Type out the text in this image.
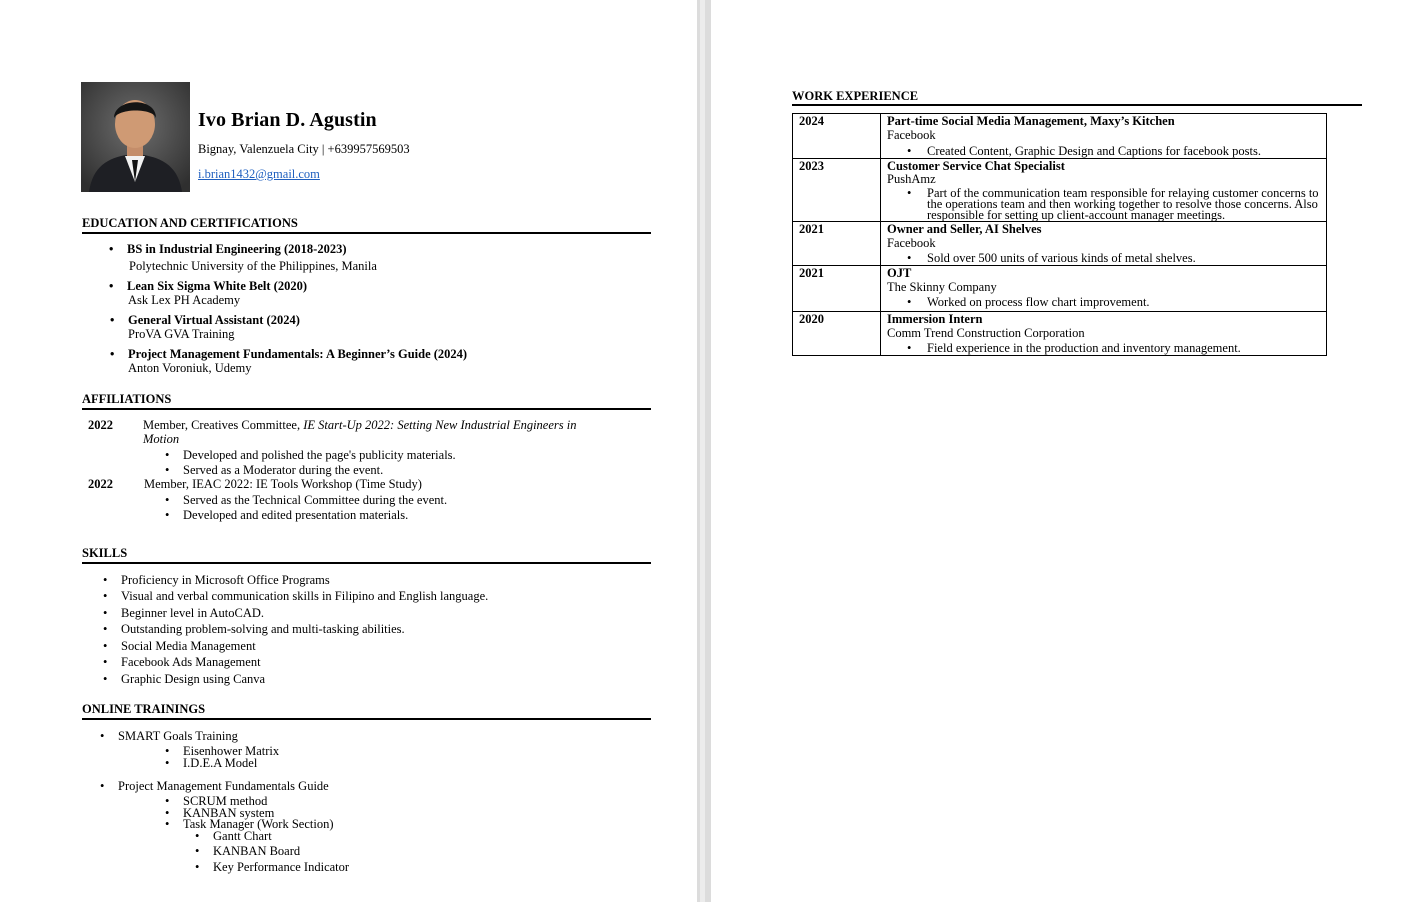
Ivo Brian D. Agustin
Bignay, Valenzuela City | +639957569503
i.brian1432@gmail.com
EDUCATION AND CERTIFICATIONS
• BS in Industrial Engineering (2018-2023)
Polytechnic University of the Philippines, Manila
• Lean Six Sigma White Belt (2020)
Ask Lex PH Academy
• General Virtual Assistant (2024)
ProVA GVA Training
• Project Management Fundamentals: A Beginner’s Guide (2024)
Anton Voroniuk, Udemy
AFFILIATIONS
2022 Member, Creatives Committee, IE Start-Up 2022: Setting New Industrial Engineers in
Motion
• Developed and polished the page's publicity materials.
• Served as a Moderator during the event.
2022 Member, IEAC 2022: IE Tools Workshop (Time Study)
• Served as the Technical Committee during the event.
• Developed and edited presentation materials.
SKILLS
• Proficiency in Microsoft Office Programs
• Visual and verbal communication skills in Filipino and English language.
• Beginner level in AutoCAD.
• Outstanding problem-solving and multi-tasking abilities.
• Social Media Management
• Facebook Ads Management
• Graphic Design using Canva
ONLINE TRAININGS
• SMART Goals Training
• Eisenhower Matrix
• I.D.E.A Model
• Project Management Fundamentals Guide
• SCRUM method
• KANBAN system
• Task Manager (Work Section)
• Gantt Chart
• KANBAN Board
• Key Performance Indicator
WORK EXPERIENCE
2024	Part-time Social Media Management, Maxy’s Kitchen
Facebook
• Created Content, Graphic Design and Captions for facebook posts.

2023	Customer Service Chat Specialist
PushAmz
• Part of the communication team responsible for relaying customer concerns to the operations team and then working together to resolve those concerns. Also responsible for setting up client-account manager meetings.

2021	Owner and Seller, AI Shelves
Facebook
• Sold over 500 units of various kinds of metal shelves.

2021	OJT
The Skinny Company
• Worked on process flow chart improvement.

2020	Immersion Intern
Comm Trend Construction Corporation
• Field experience in the production and inventory management.
